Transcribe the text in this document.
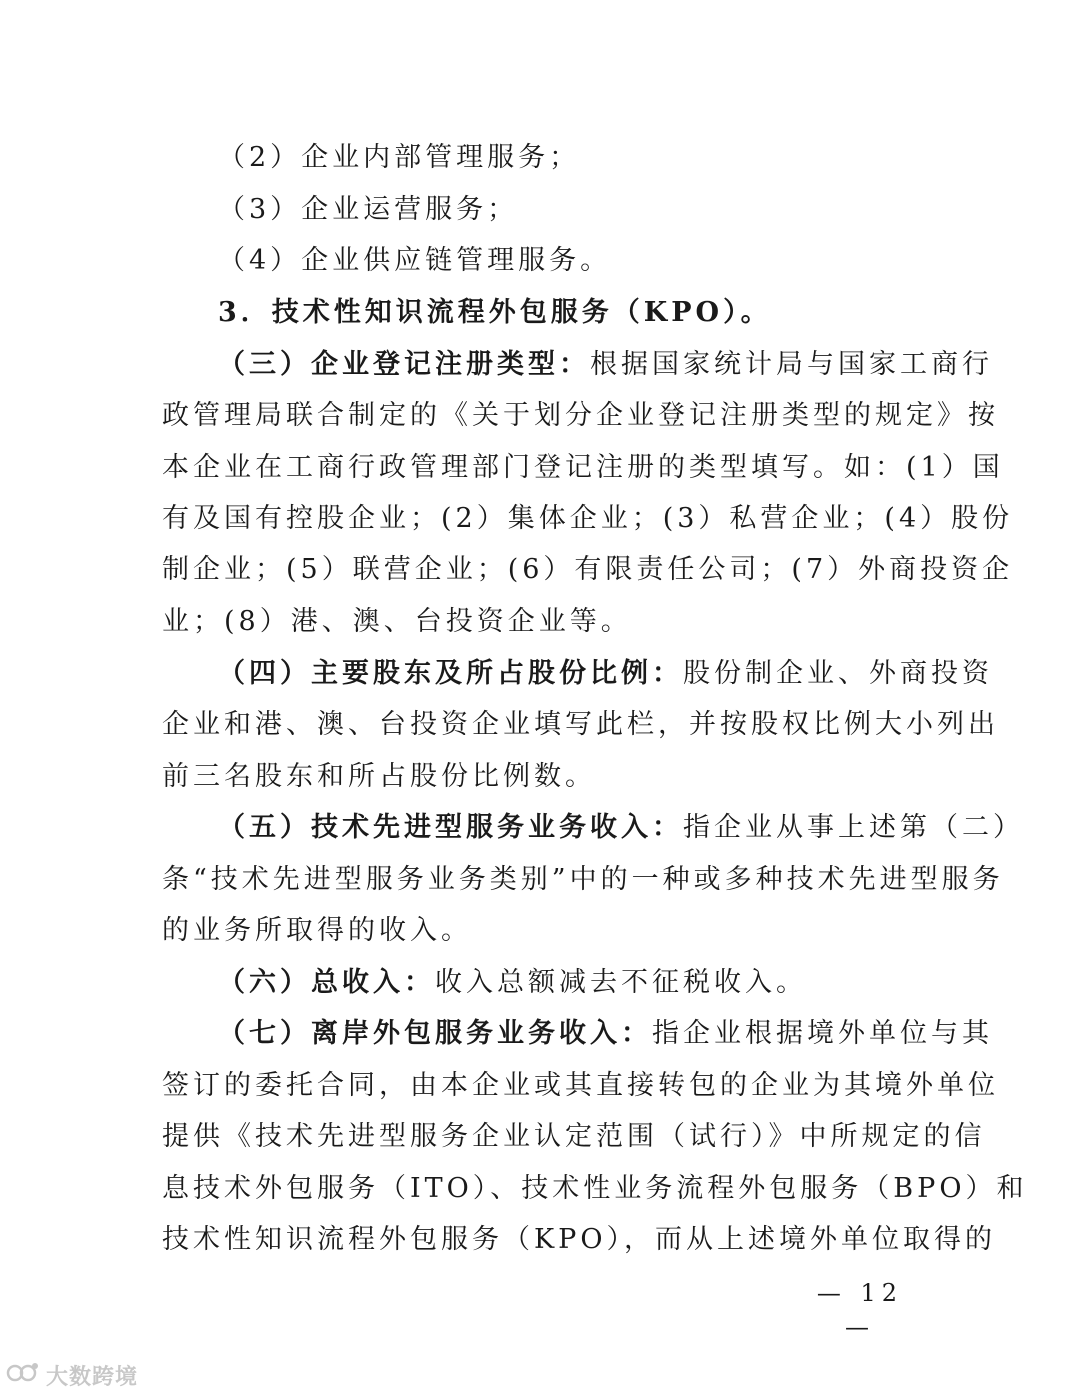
（2）企业内部管理服务；
（3）企业运营服务；
（4）企业供应链管理服务。
3．技术性知识流程外包服务（KPO）。
（三）企业登记注册类型：根据国家统计局与国家工商行
政管理局联合制定的《关于划分企业登记注册类型的规定》按
本企业在工商行政管理部门登记注册的类型填写。如：(1）国
有及国有控股企业；(2）集体企业；(3）私营企业；(4）股份
制企业；(5）联营企业；(6）有限责任公司；(7）外商投资企
业；(8）港、澳、台投资企业等。
（四）主要股东及所占股份比例：股份制企业、外商投资
企业和港、澳、台投资企业填写此栏，并按股权比例大小列出
前三名股东和所占股份比例数。
（五）技术先进型服务业务收入：指企业从事上述第（二）
条“技术先进型服务业务类别”中的一种或多种技术先进型服务
的业务所取得的收入。
（六）总收入：收入总额减去不征税收入。
（七）离岸外包服务业务收入：指企业根据境外单位与其
签订的委托合同，由本企业或其直接转包的企业为其境外单位
提供《技术先进型服务企业认定范围（试行）》中所规定的信
息技术外包服务（ITO）、技术性业务流程外包服务（BPO）和
技术性知识流程外包服务（KPO），而从上述境外单位取得的
— 12 —
大数跨境
